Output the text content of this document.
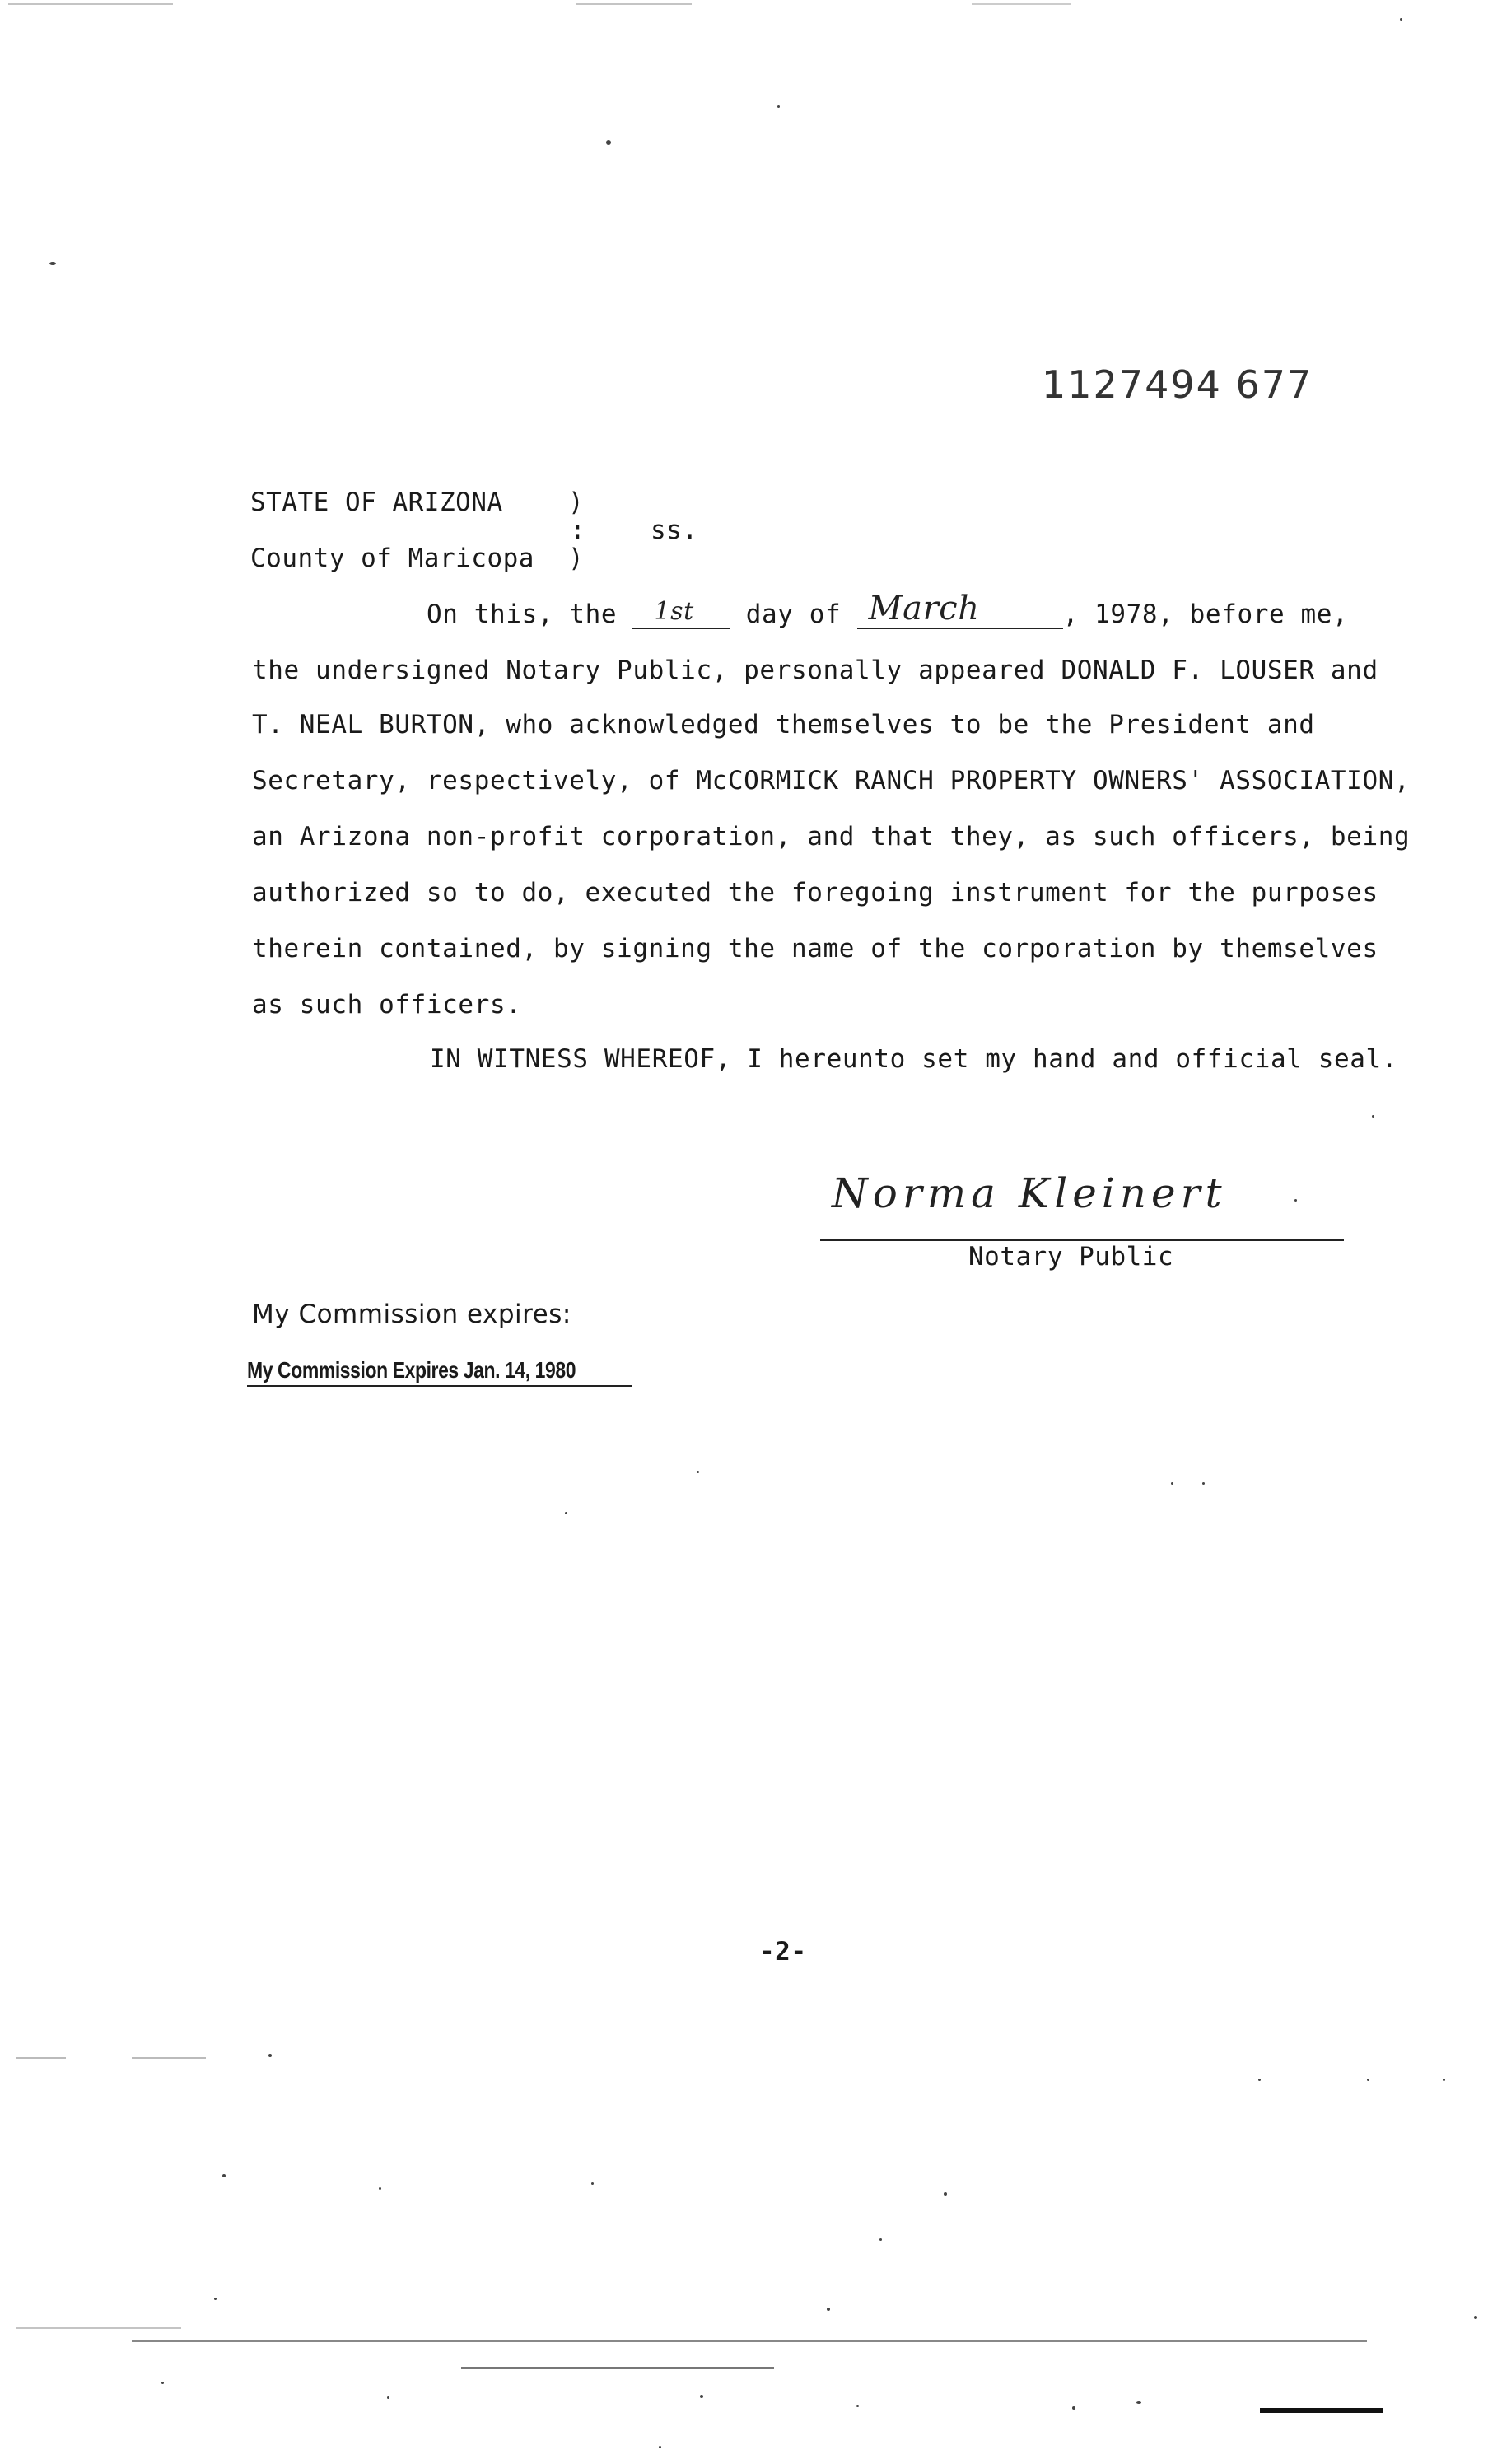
1127494 677
STATE OF ARIZONA	)
:	ss.
County of Maricopa )
On this, the 1st day of March	, 1978, before me,
the undersigned Notary Public, personally appeared DONALD F. LOUSER and
T. NEAL BURTON, who acknowledged themselves to be the President and
Secretary, respectively, of McCORMICK RANCH PROPERTY OWNERS' ASSOCIATION,
an Arizona non-profit corporation, and that they, as such officers, being
authorized so to do, executed the foregoing instrument for the purposes
therein contained, by signing the name of the corporation by themselves
as such officers.
IN WITNESS WHEREOF, I hereunto set my hand and official seal.
Norma Kleinert
Notary Public
My Commission expires:
My Commission Expires Jan. 14, 1980
-2-
